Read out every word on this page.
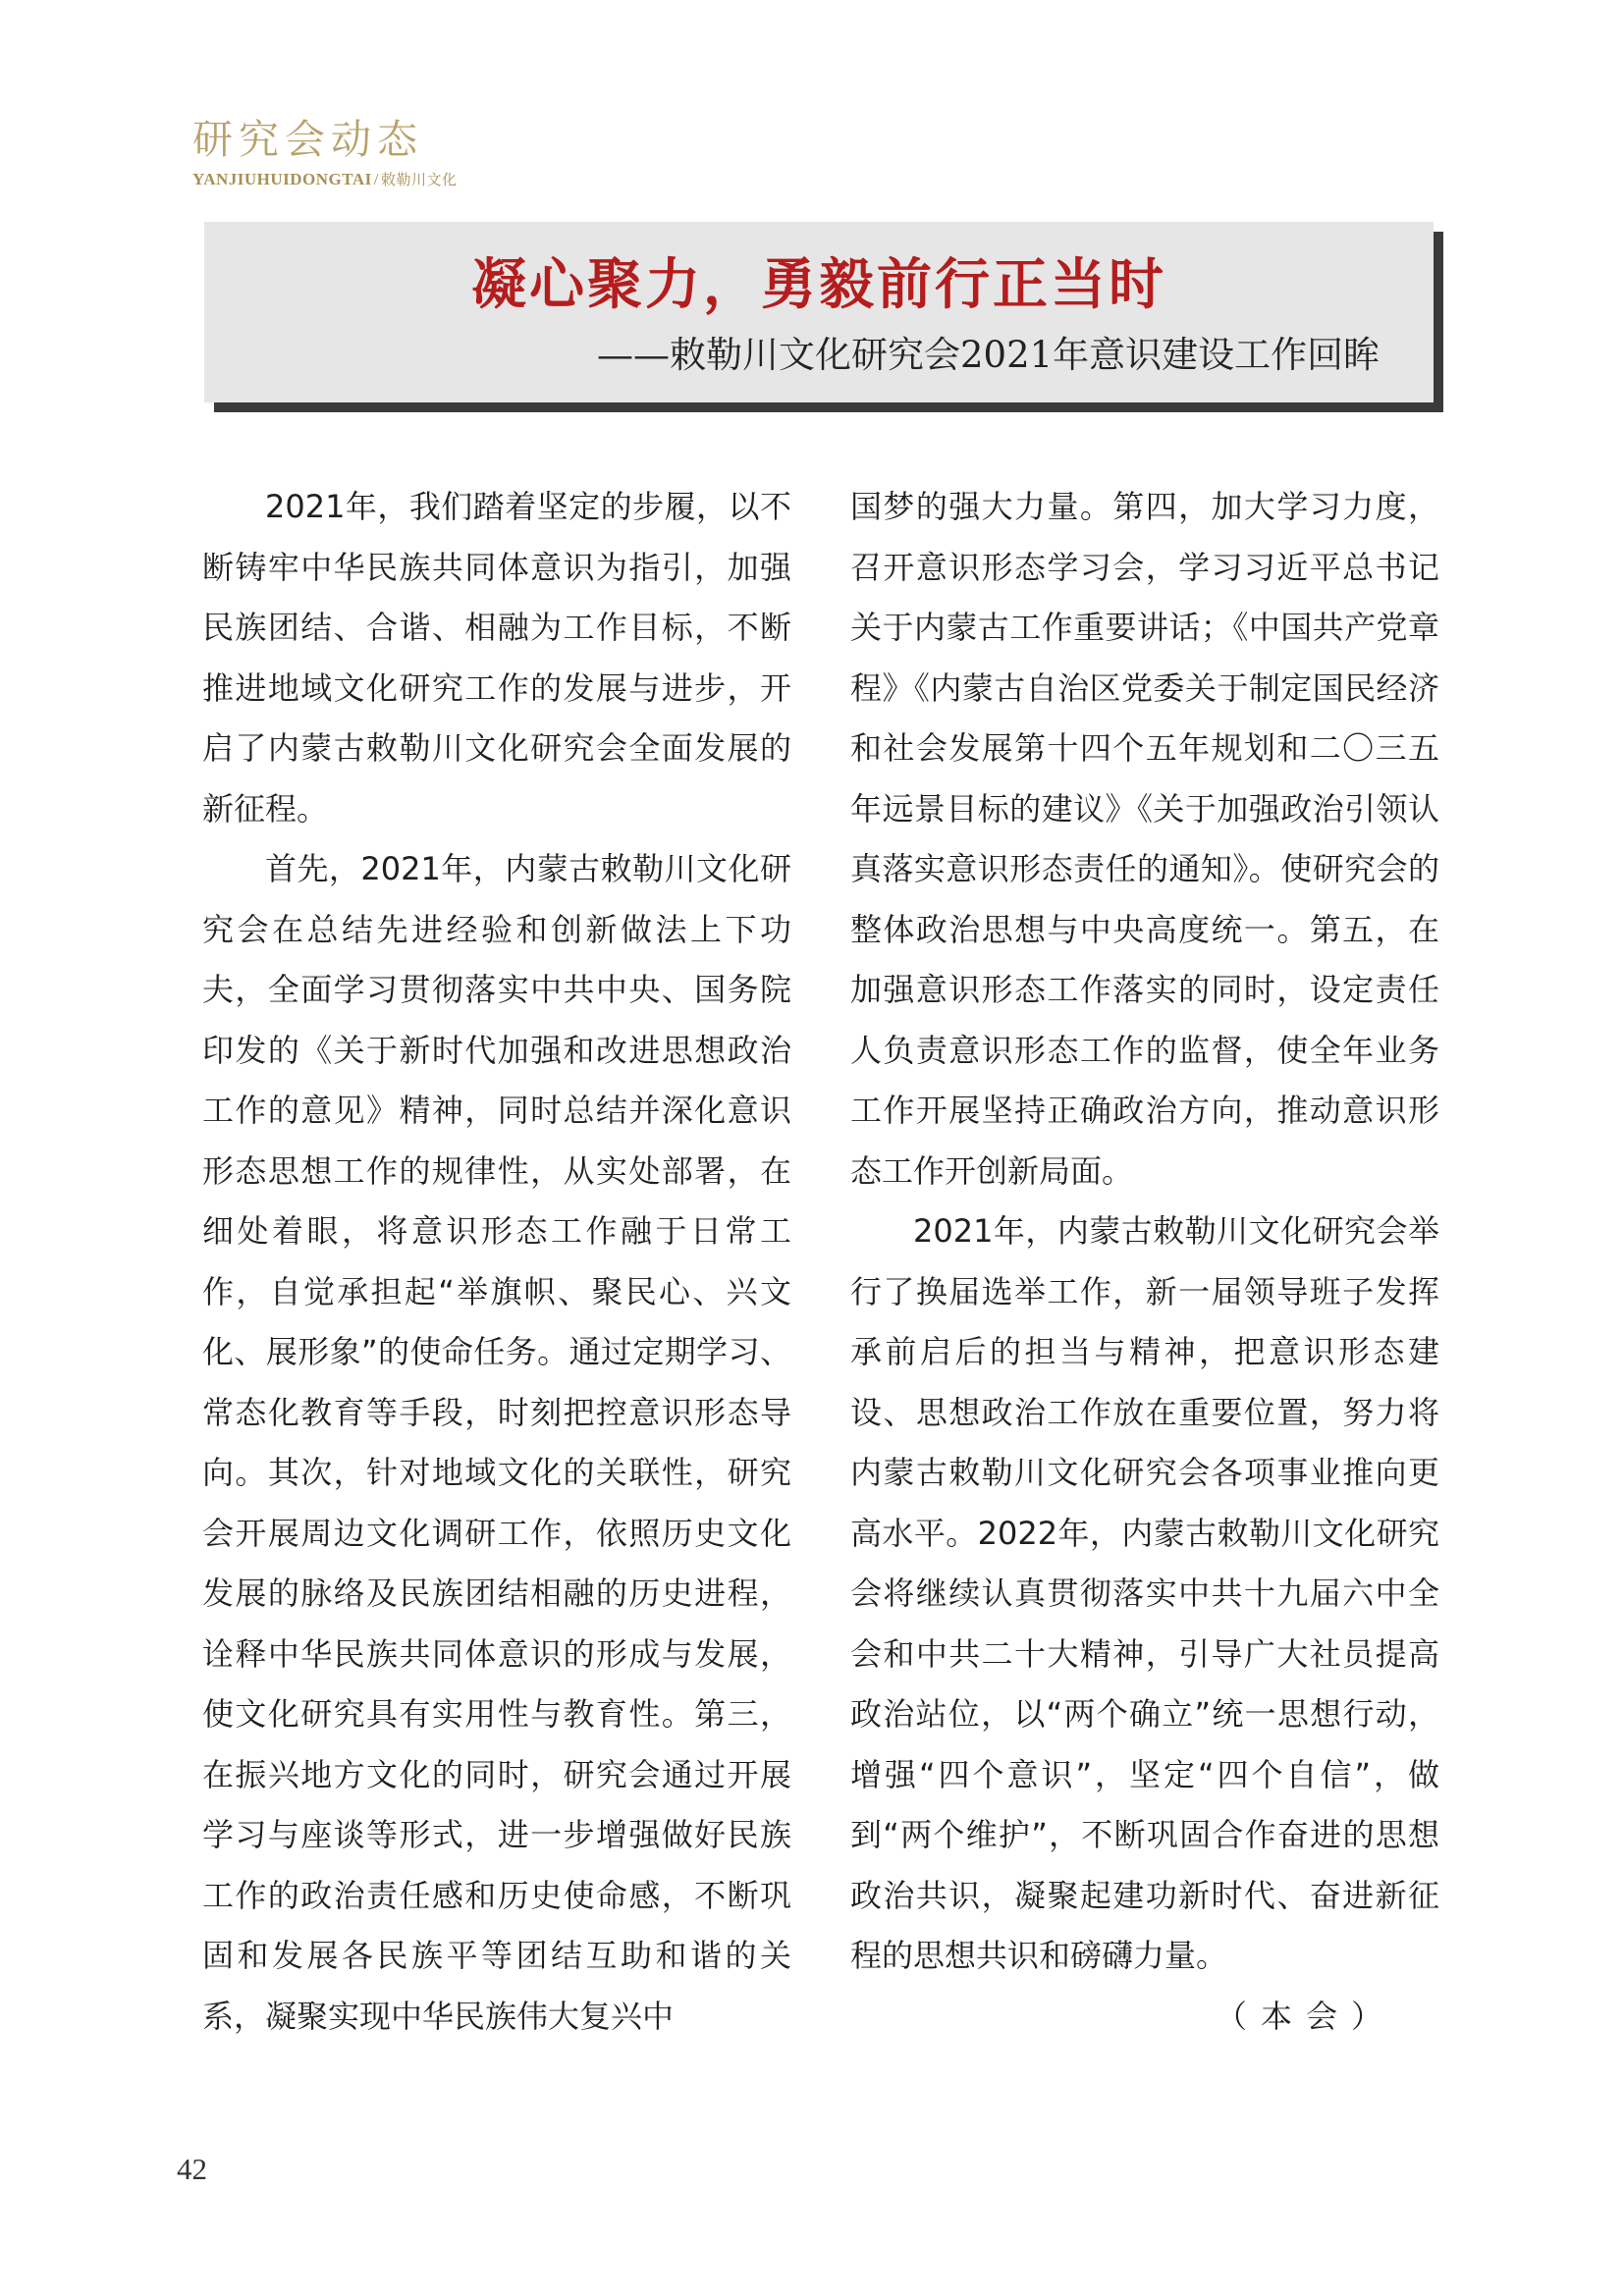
研究会动态
YANJIUHUIDONGTAI / 敕勒川文化
凝心聚力，勇毅前行正当时
——敕勒川文化研究会2021年意识建设工作回眸

2021年，我们踏着坚定的步履，以不断铸牢中华民族共同体意识为指引，加强民族团结、合谐、相融为工作目标，不断推进地域文化研究工作的发展与进步，开启了内蒙古敕勒川文化研究会全面发展的新征程。

首先，2021年，内蒙古敕勒川文化研究会在总结先进经验和创新做法上下功夫，全面学习贯彻落实中共中央、国务院印发的《关于新时代加强和改进思想政治工作的意见》精神，同时总结并深化意识形态思想工作的规律性，从实处部署，在细处着眼，将意识形态工作融于日常工作，自觉承担起“举旗帜、聚民心、兴文化、展形象”的使命任务。通过定期学习、常态化教育等手段，时刻把控意识形态导向。其次，针对地域文化的关联性，研究会开展周边文化调研工作，依照历史文化发展的脉络及民族团结相融的历史进程，诠释中华民族共同体意识的形成与发展，使文化研究具有实用性与教育性。第三，在振兴地方文化的同时，研究会通过开展学习与座谈等形式，进一步增强做好民族工作的政治责任感和历史使命感，不断巩固和发展各民族平等团结互助和谐的关系，凝聚实现中华民族伟大复兴中

国梦的强大力量。第四，加大学习力度，召开意识形态学习会，学习习近平总书记关于内蒙古工作重要讲话；《中国共产党章程》《内蒙古自治区党委关于制定国民经济和社会发展第十四个五年规划和二〇三五年远景目标的建议》《关于加强政治引领认真落实意识形态责任的通知》。使研究会的整体政治思想与中央高度统一。第五，在加强意识形态工作落实的同时，设定责任人负责意识形态工作的监督，使全年业务工作开展坚持正确政治方向，推动意识形态工作开创新局面。

2021年，内蒙古敕勒川文化研究会举行了换届选举工作，新一届领导班子发挥承前启后的担当与精神，把意识形态建设、思想政治工作放在重要位置，努力将内蒙古敕勒川文化研究会各项事业推向更高水平。2022年，内蒙古敕勒川文化研究会将继续认真贯彻落实中共十九届六中全会和中共二十大精神，引导广大社员提高政治站位，以“两个确立”统一思想行动，增强“四个意识”，坚定“四个自信”，做到“两个维护”，不断巩固合作奋进的思想政治共识，凝聚起建功新时代、奋进新征程的思想共识和磅礴力量。
（本会）

42
